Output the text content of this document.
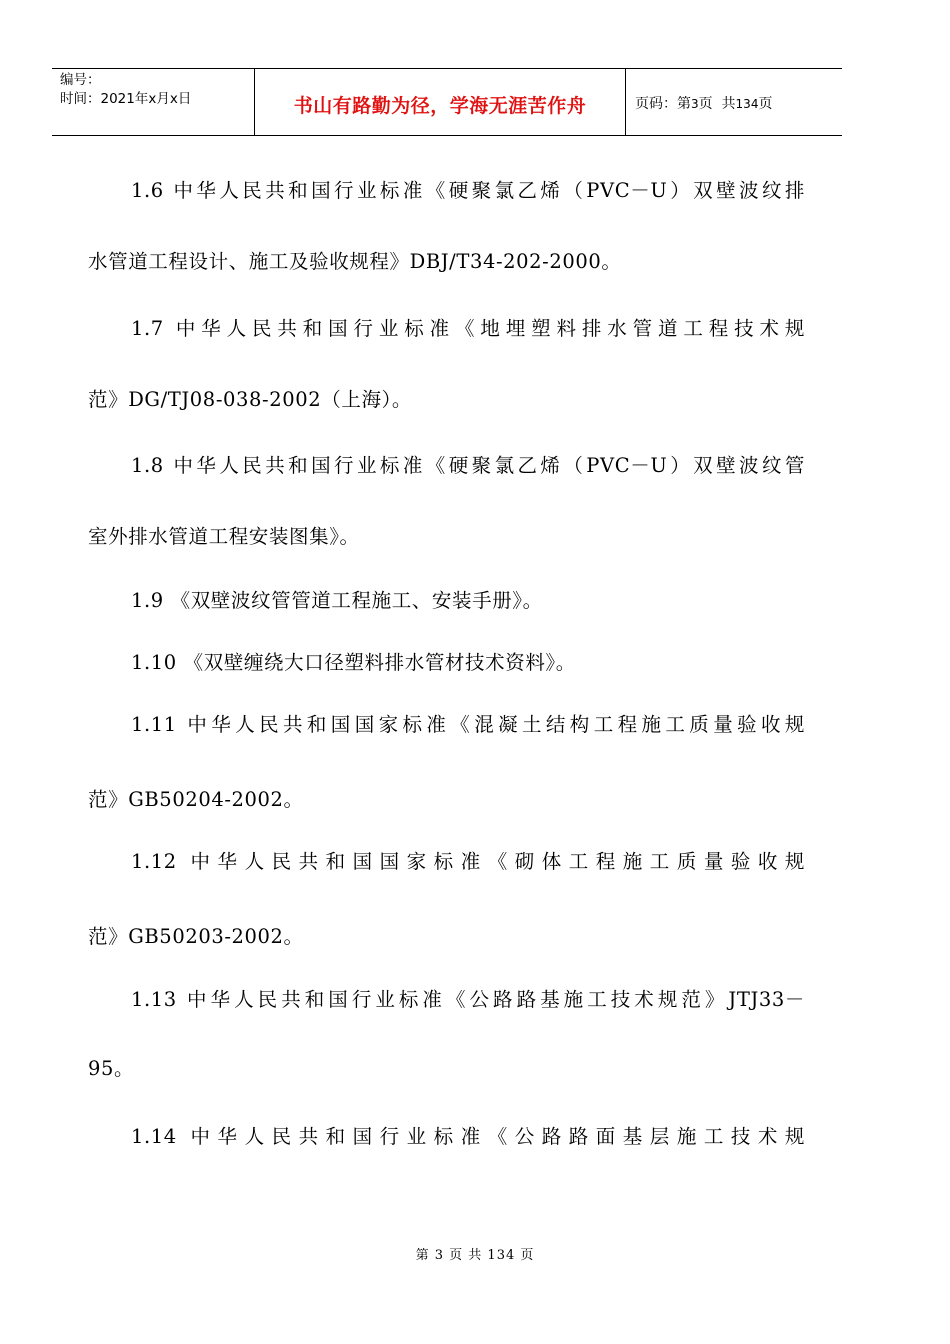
编号：
时间：2021年x月x日	书山有路勤为径，学海无涯苦作舟	页码：第3页  共134页
1.6 中华人民共和国行业标准《硬聚氯乙烯（PVC－U）双壁波纹排
水管道工程设计、施工及验收规程》DBJ/T34-202-2000。
1.7 中华人民共和国行业标准《地埋塑料排水管道工程技术规
范》DG/TJ08-038-2002（上海）。
1.8 中华人民共和国行业标准《硬聚氯乙烯（PVC－U）双壁波纹管
室外排水管道工程安装图集》。
1.9 《双壁波纹管管道工程施工、安装手册》。
1.10 《双壁缠绕大口径塑料排水管材技术资料》。
1.11 中华人民共和国国家标准《混凝土结构工程施工质量验收规
范》GB50204-2002。
1.12 中华人民共和国国家标准《砌体工程施工质量验收规
范》GB50203-2002。
1.13 中华人民共和国行业标准《公路路基施工技术规范》JTJ33－
95。
1.14 中华人民共和国行业标准《公路路面基层施工技术规
第 3 页 共 134 页
